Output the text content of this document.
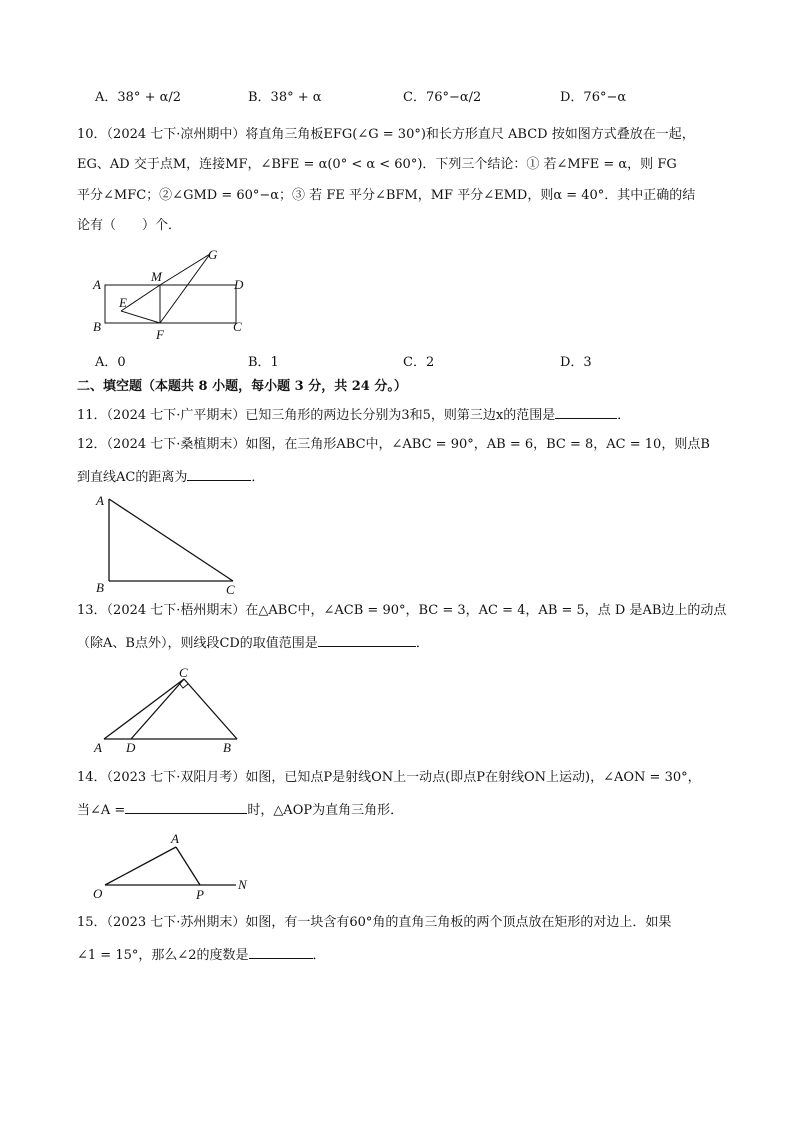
A．38° + α/2	B．38° + α	C．76°−α/2	D．76°−α
10．（2024 七下·凉州期中）将直角三角板EFG(∠G = 30°)和长方形直尺 ABCD 按如图方式叠放在一起，
EG、AD 交于点M，连接MF，∠BFE = α(0° < α < 60°)．下列三个结论：① 若∠MFE = α，则 FG
平分∠MFC；②∠GMD = 60°−α；③ 若 FE 平分∠BFM，MF 平分∠EMD，则α = 40°．其中正确的结
论有（　　）个．
A
M
G
D
E
B
F
C
A．0	B．1	C．2	D．3
二、填空题（本题共 8 小题，每小题 3 分，共 24 分。）
11．（2024 七下·广平期末）已知三角形的两边长分别为3和5，则第三边x的范围是	．
12．（2024 七下·桑植期末）如图，在三角形ABC中，∠ABC = 90°，AB = 6，BC = 8，AC = 10，则点B
到直线AC的距离为	．
A
B	C
13．（2024 七下·梧州期末）在△ABC中，∠ACB = 90°，BC = 3，AC = 4，AB = 5，点 D 是AB边上的动点
（除A、B点外），则线段CD的取值范围是	．
C
A D	B
14．（2023 七下·双阳月考）如图，已知点P是射线ON上一动点(即点P在射线ON上运动)，∠AON = 30°，
当∠A =	时，△AOP为直角三角形．
A
O	P
N
15．（2023 七下·苏州期末）如图，有一块含有60°角的直角三角板的两个顶点放在矩形的对边上．如果
∠1 = 15°，那么∠2的度数是	．
